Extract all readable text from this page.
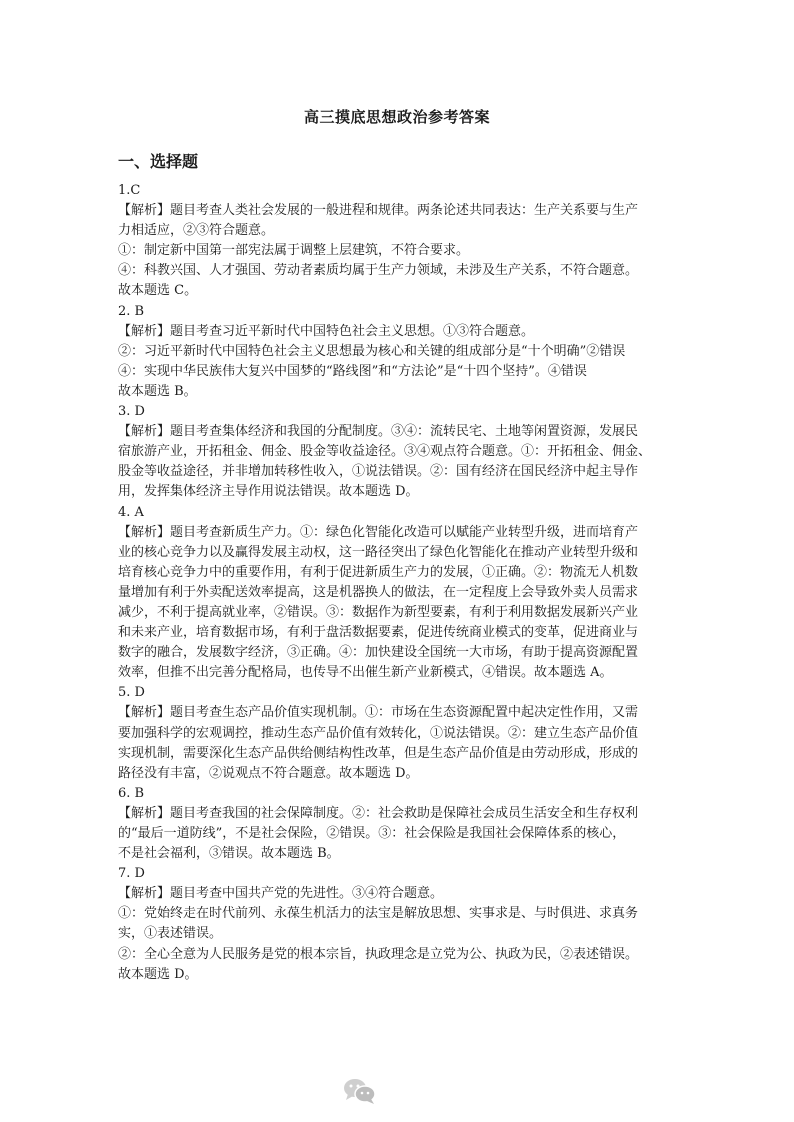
高三摸底思想政治参考答案
一、选择题
1.C
【解析】题目考查人类社会发展的一般进程和规律。两条论述共同表达：生产关系要与生产
力相适应，②③符合题意。
①：制定新中国第一部宪法属于调整上层建筑，不符合要求。
④：科教兴国、人才强国、劳动者素质均属于生产力领域，未涉及生产关系，不符合题意。
故本题选 C。
2. B
【解析】题目考查习近平新时代中国特色社会主义思想。①③符合题意。
②：习近平新时代中国特色社会主义思想最为核心和关键的组成部分是“十个明确”②错误
④：实现中华民族伟大复兴中国梦的“路线图”和“方法论”是“十四个坚持”。④错误
故本题选 B。
3. D
【解析】题目考查集体经济和我国的分配制度。③④：流转民宅、土地等闲置资源，发展民
宿旅游产业，开拓租金、佣金、股金等收益途径。③④观点符合题意。①：开拓租金、佣金、
股金等收益途径，并非增加转移性收入，①说法错误。②：国有经济在国民经济中起主导作
用，发挥集体经济主导作用说法错误。故本题选 D。
4. A
【解析】题目考查新质生产力。①：绿色化智能化改造可以赋能产业转型升级，进而培育产
业的核心竞争力以及赢得发展主动权，这一路径突出了绿色化智能化在推动产业转型升级和
培育核心竞争力中的重要作用，有利于促进新质生产力的发展，①正确。②：物流无人机数
量增加有利于外卖配送效率提高，这是机器换人的做法，在一定程度上会导致外卖人员需求
减少，不利于提高就业率，②错误。③：数据作为新型要素，有利于利用数据发展新兴产业
和未来产业，培育数据市场，有利于盘活数据要素，促进传统商业模式的变革，促进商业与
数字的融合，发展数字经济，③正确。④：加快建设全国统一大市场，有助于提高资源配置
效率，但推不出完善分配格局，也传导不出催生新产业新模式，④错误。故本题选 A。
5. D
【解析】题目考查生态产品价值实现机制。①：市场在生态资源配置中起决定性作用，又需
要加强科学的宏观调控，推动生态产品价值有效转化，①说法错误。②：建立生态产品价值
实现机制，需要深化生态产品供给侧结构性改革，但是生态产品价值是由劳动形成，形成的
路径没有丰富，②说观点不符合题意。故本题选 D。
6. B
【解析】题目考查我国的社会保障制度。②：社会救助是保障社会成员生活安全和生存权利
的“最后一道防线”，不是社会保险，②错误。③：社会保险是我国社会保障体系的核心，
不是社会福利，③错误。故本题选 B。
7. D
【解析】题目考查中国共产党的先进性。③④符合题意。
①：党始终走在时代前列、永葆生机活力的法宝是解放思想、实事求是、与时俱进、求真务
实，①表述错误。
②：全心全意为人民服务是党的根本宗旨，执政理念是立党为公、执政为民，②表述错误。
故本题选 D。
